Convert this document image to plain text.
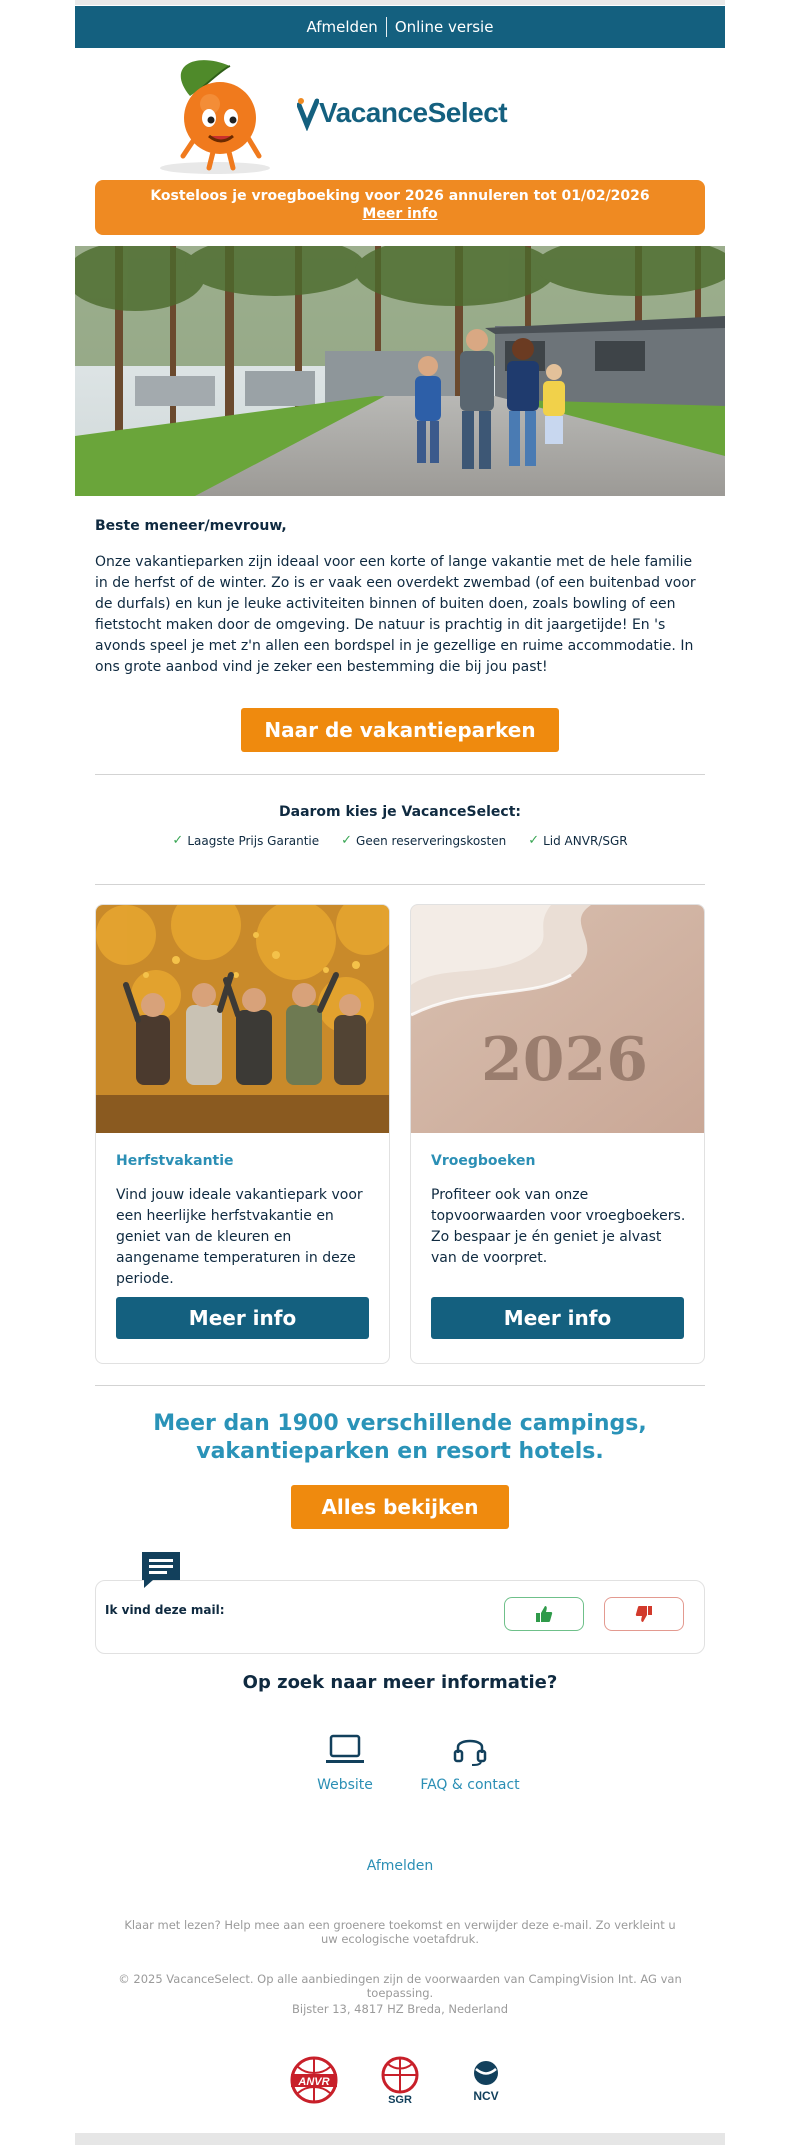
Afmelden Online versie
VacanceSelect
Kosteloos je vroegboeking voor 2026 annuleren tot 01/02/2026
Meer info
Beste meneer/mevrouw,
Onze vakantieparken zijn ideaal voor een korte of lange vakantie met de hele familie in de herfst of de winter. Zo is er vaak een overdekt zwembad (of een buitenbad voor de durfals) en kun je leuke activiteiten binnen of buiten doen, zoals bowling of een fietstocht maken door de omgeving. De natuur is prachtig in dit jaargetijde! En 's avonds speel je met z'n allen een bordspel in je gezellige en ruime accommodatie. In ons grote aanbod vind je zeker een bestemming die bij jou past!
Naar de vakantieparken
Daarom kies je VacanceSelect:
✓ Laagste Prijs Garantie ✓ Geen reserveringskosten ✓ Lid ANVR/SGR
Herfstvakantie
Vind jouw ideale vakantiepark voor een heerlijke herfstvakantie en geniet van de kleuren en aangename temperaturen in deze periode.
Meer info
2026
Vroegboeken
Profiteer ook van onze topvoorwaarden voor vroegboekers. Zo bespaar je én geniet je alvast van de voorpret.
Meer info
Meer dan 1900 verschillende campings, vakantieparken en resort hotels.
Alles bekijken
Ik vind deze mail:
Op zoek naar meer informatie?
Website	FAQ & contact
Afmelden
Klaar met lezen? Help mee aan een groenere toekomst en verwijder deze e-mail. Zo verkleint u uw ecologische voetafdruk.
© 2025 VacanceSelect. Op alle aanbiedingen zijn de voorwaarden van CampingVision Int. AG van toepassing.
Bijster 13, 4817 HZ Breda, Nederland
ANVR
SGR	NCV
